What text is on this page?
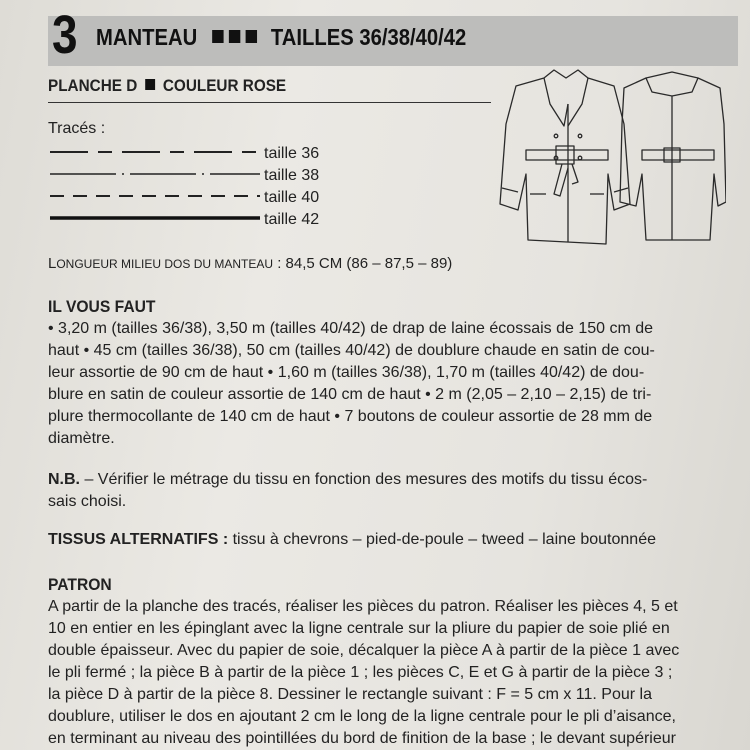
3 MANTEAU	TAILLES 36/38/40/42
PLANCHE D COULEUR ROSE
Tracés :
taille 36
taille 38
taille 40
taille 42
LONGUEUR MILIEU DOS DU MANTEAU : 84,5 CM (86 – 87,5 – 89)
IL VOUS FAUT
• 3,20 m (tailles 36/38), 3,50 m (tailles 40/42) de drap de laine écossais de 150 cm de
haut • 45 cm (tailles 36/38), 50 cm (tailles 40/42) de doublure chaude en satin de cou-
leur assortie de 90 cm de haut • 1,60 m (tailles 36/38), 1,70 m (tailles 40/42) de dou-
blure en satin de couleur assortie de 140 cm de haut • 2 m (2,05 – 2,10 – 2,15) de tri-
plure thermocollante de 140 cm de haut • 7 boutons de couleur assortie de 28 mm de
diamètre.
N.B. – Vérifier le métrage du tissu en fonction des mesures des motifs du tissu écos-
sais choisi.
TISSUS ALTERNATIFS : tissu à chevrons – pied-de-poule – tweed – laine boutonnée
PATRON
A partir de la planche des tracés, réaliser les pièces du patron. Réaliser les pièces 4, 5 et
10 en entier en les épinglant avec la ligne centrale sur la pliure du papier de soie plié en
double épaisseur. Avec du papier de soie, décalquer la pièce A à partir de la pièce 1 avec
le pli fermé ; la pièce B à partir de la pièce 1 ; les pièces C, E et G à partir de la pièce 3 ;
la pièce D à partir de la pièce 8. Dessiner le rectangle suivant : F = 5 cm x 11. Pour la
doublure, utiliser le dos en ajoutant 2 cm le long de la ligne centrale pour le pli d’aisance,
en terminant au niveau des pointillées du bord de finition de la base ; le devant supérieur
